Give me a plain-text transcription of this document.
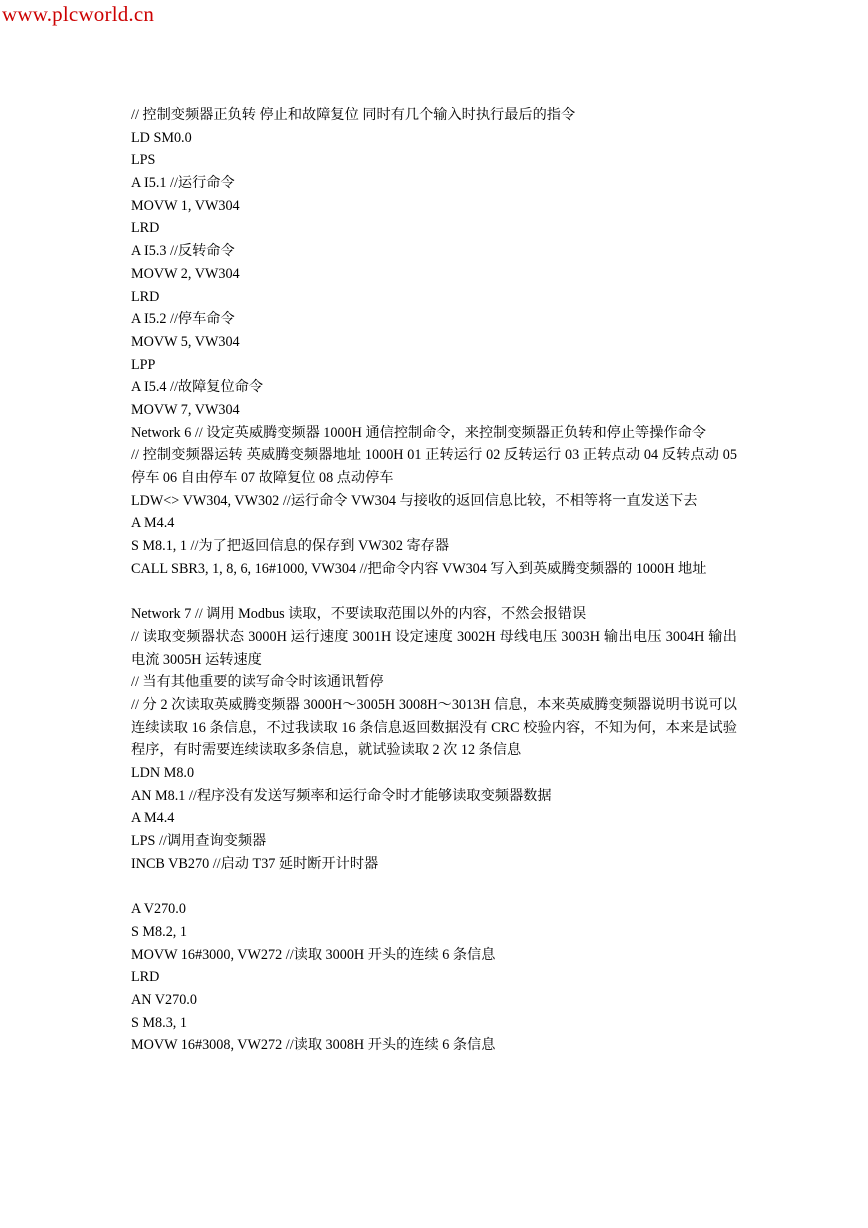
www.plcworld.cn
// 控制变频器正负转 停止和故障复位 同时有几个输入时执行最后的指令
LD SM0.0
LPS
A I5.1 //运行命令
MOVW 1, VW304
LRD
A I5.3 //反转命令
MOVW 2, VW304
LRD
A I5.2 //停车命令
MOVW 5, VW304
LPP
A I5.4 //故障复位命令
MOVW 7, VW304
Network 6 // 设定英威腾变频器 1000H 通信控制命令，来控制变频器正负转和停止等操作命令
// 控制变频器运转 英威腾变频器地址 1000H 01 正转运行 02 反转运行 03 正转点动 04 反转点动 05 停车 06 自由停车 07 故障复位 08 点动停车
LDW<> VW304, VW302 //运行命令 VW304 与接收的返回信息比较，不相等将一直发送下去
A M4.4
S M8.1, 1 //为了把返回信息的保存到 VW302 寄存器
CALL SBR3, 1, 8, 6, 16#1000, VW304 //把命令内容 VW304 写入到英威腾变频器的 1000H 地址
Network 7 // 调用 Modbus 读取，不要读取范围以外的内容，不然会报错误
// 读取变频器状态 3000H 运行速度 3001H 设定速度 3002H 母线电压 3003H 输出电压 3004H 输出电流 3005H 运转速度
// 当有其他重要的读写命令时该通讯暂停
// 分 2 次读取英威腾变频器 3000H～3005H 3008H～3013H 信息，本来英威腾变频器说明书说可以连续读取 16 条信息，不过我读取 16 条信息返回数据没有 CRC 校验内容，不知为何，本来是试验程序，有时需要连续读取多条信息，就试验读取 2 次 12 条信息
LDN M8.0
AN M8.1 //程序没有发送写频率和运行命令时才能够读取变频器数据
A M4.4
LPS //调用查询变频器
INCB VB270 //启动 T37 延时断开计时器
A V270.0
S M8.2, 1
MOVW 16#3000, VW272 //读取 3000H 开头的连续 6 条信息
LRD
AN V270.0
S M8.3, 1
MOVW 16#3008, VW272 //读取 3008H 开头的连续 6 条信息
